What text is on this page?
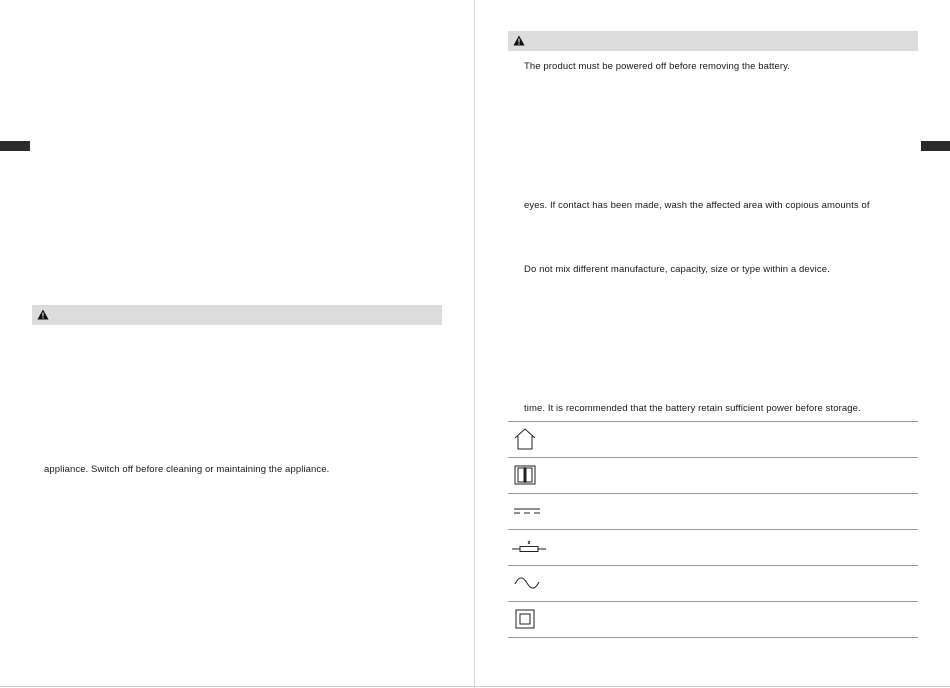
appliance. Switch off before cleaning or maintaining the appliance.
The product must be powered off before removing the battery.
eyes. If contact has been made, wash the affected area with copious amounts of
Do not mix different manufacture, capacity, size or type within a device.
time. It is recommended that the battery retain sufficient power before storage.
